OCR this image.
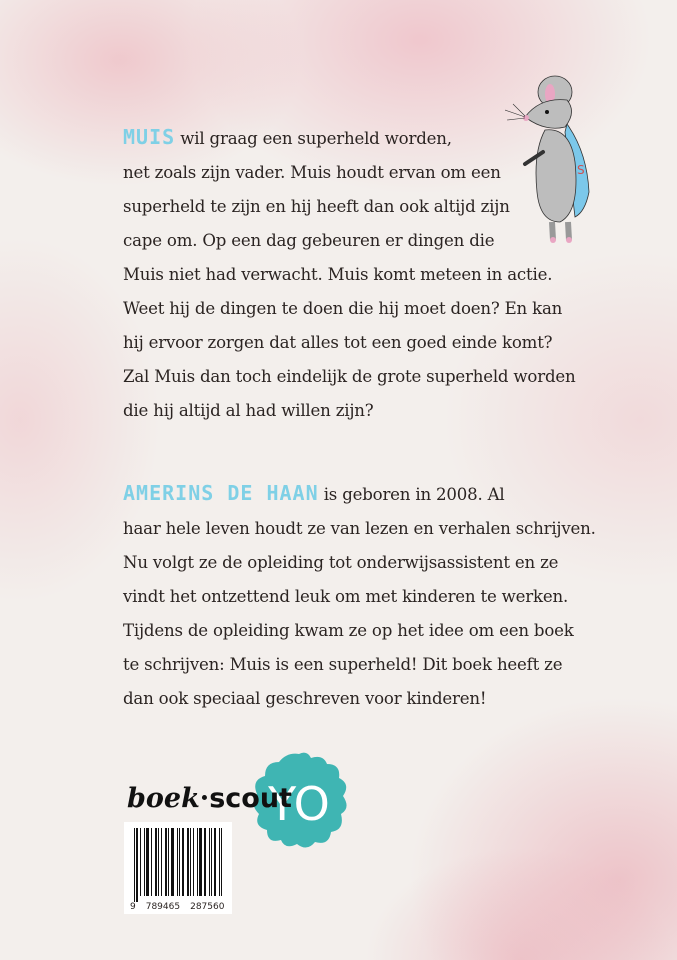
MUIS wil graag een superheld worden,
net zoals zijn vader. Muis houdt ervan om een
superheld te zijn en hij heeft dan ook altijd zijn
cape om. Op een dag gebeuren er dingen die
Muis niet had verwacht. Muis komt meteen in actie.
Weet hij de dingen te doen die hij moet doen? En kan
hij ervoor zorgen dat alles tot een goed einde komt?
Zal Muis dan toch eindelijk de grote superheld worden
die hij altijd al had willen zijn?
S
AMERINS DE HAAN is geboren in 2008. Al
haar hele leven houdt ze van lezen en verhalen schrijven.
Nu volgt ze de opleiding tot onderwijsassistent en ze
vindt het ontzettend leuk om met kinderen te werken.
Tijdens de opleiding kwam ze op het idee om een boek
te schrijven: Muis is een superheld! Dit boek heeft ze
dan ook speciaal geschreven voor kinderen!
YO
boek·scout
9 789465 287560
